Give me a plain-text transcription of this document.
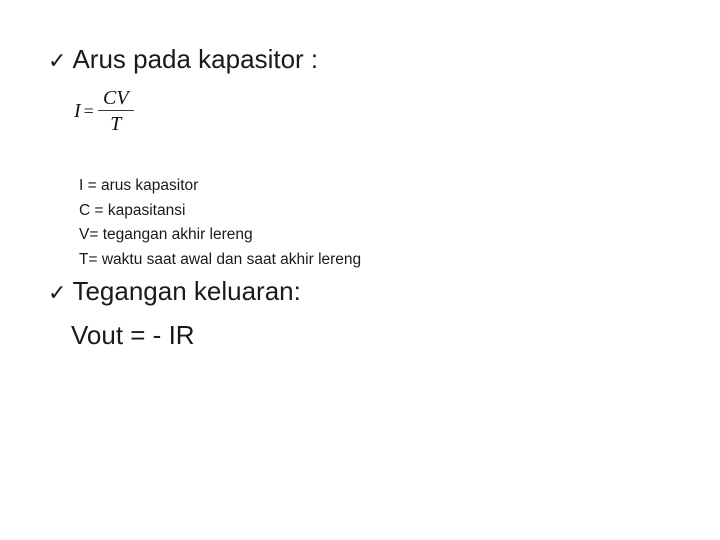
✓ Arus pada kapasitor :
$I = \frac{CV}{T}$
I = arus kapasitor
C = kapasitansi
V= tegangan akhir lereng
T= waktu saat awal dan saat akhir lereng
✓ Tegangan keluaran:
Vout = - IR
